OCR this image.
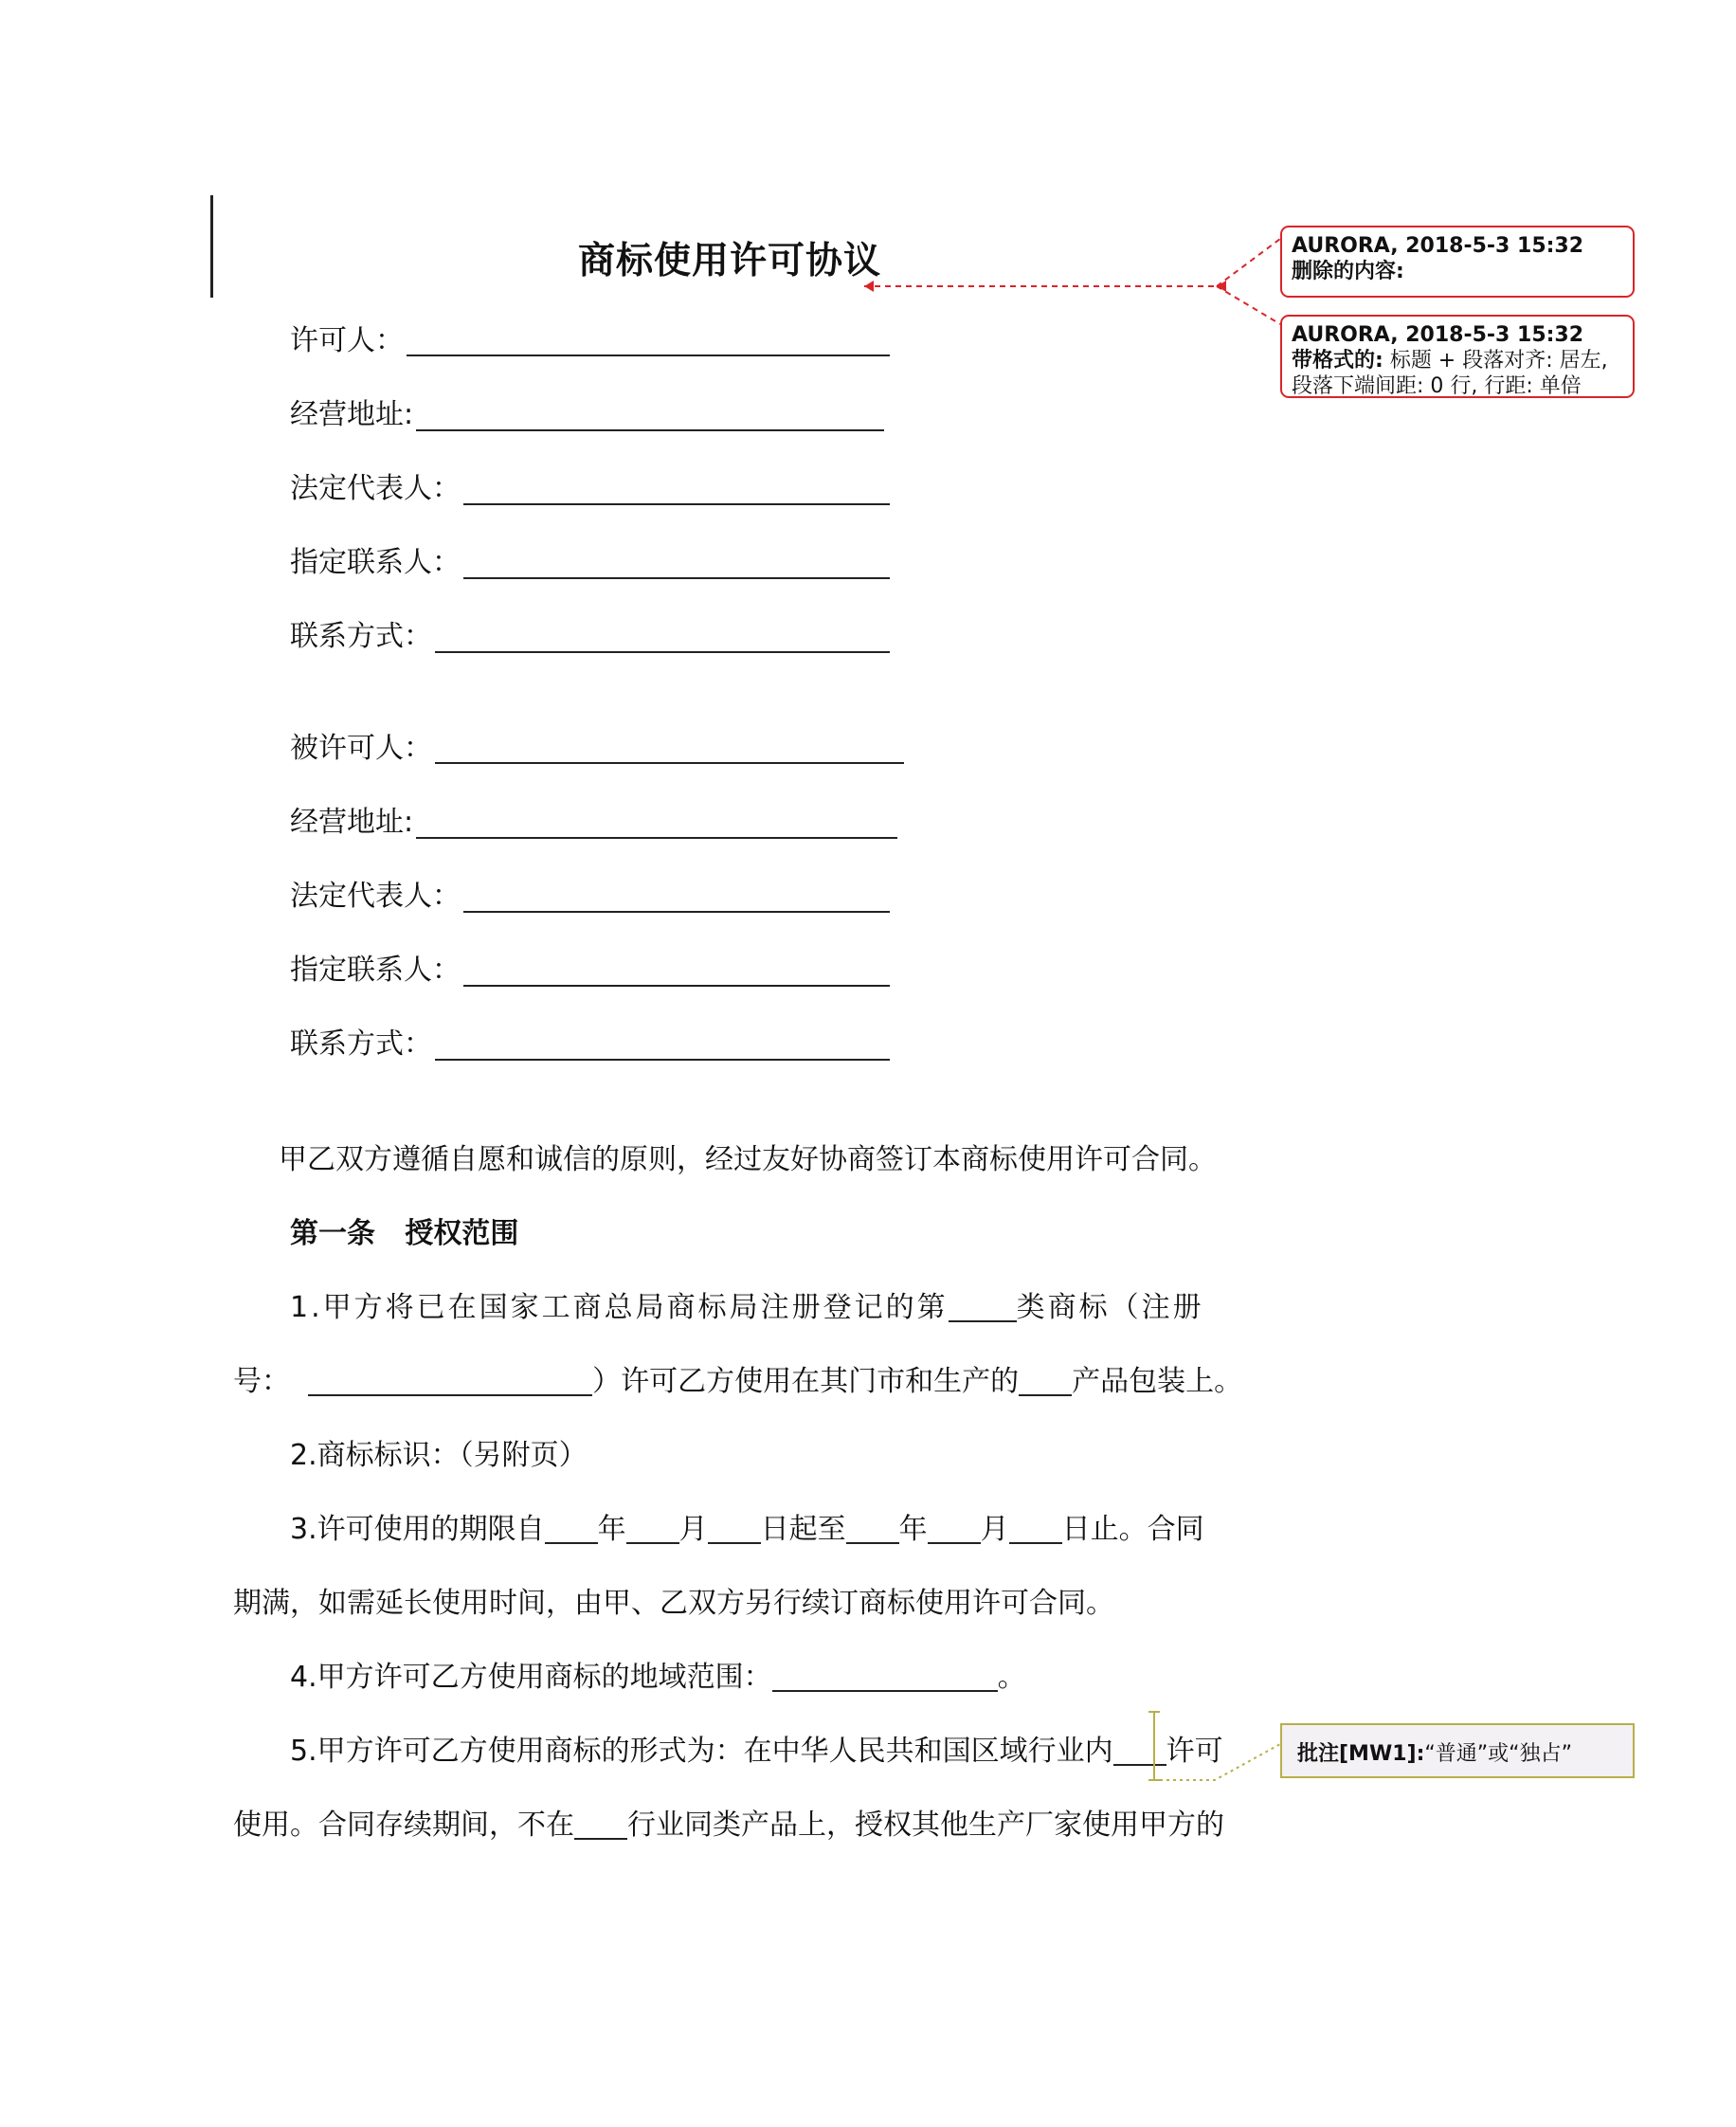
商标使用许可协议
许可人：
经营地址:
法定代表人：
指定联系人：
联系方式：
被许可人：
经营地址:
法定代表人：
指定联系人：
联系方式：
甲乙双方遵循自愿和诚信的原则，经过友好协商签订本商标使用许可合同。
第一条 授权范围
1.甲方将已在国家工商总局商标局注册登记的第 类商标（注册
号：	）许可乙方使用在其门市和生产的 产品包装上。
2.商标标识：（另附页）
3.许可使用的期限自 年 月 日起至 年 月 日止。合同
期满，如需延长使用时间，由甲、乙双方另行续订商标使用许可合同。
4.甲方许可乙方使用商标的地域范围：	。
5.甲方许可乙方使用商标的形式为：在中华人民共和国区域行业内 许可
使用。合同存续期间，不在 行业同类产品上，授权其他生产厂家使用甲方的
AURORA, 2018-5-3 15:32
删除的内容:
AURORA, 2018-5-3 15:32
带格式的: 标题 + 段落对齐: 居左,
段落下端间距: 0 行, 行距: 单倍
批注[MW1]:“普通”或“独占”
